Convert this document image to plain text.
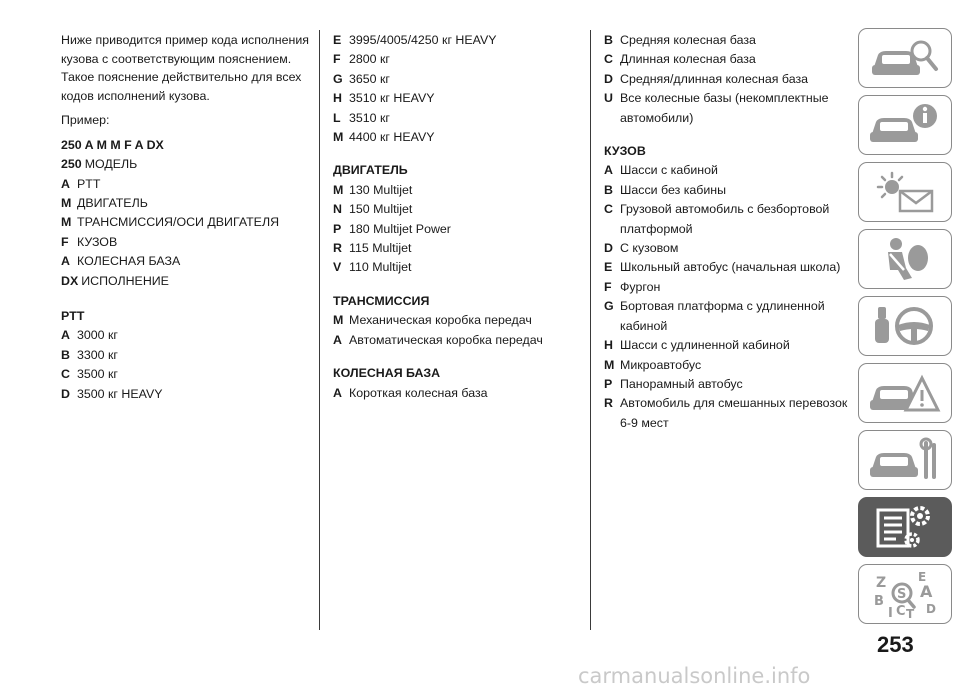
Ниже приводится пример кода исполнения кузова с соответствующим пояснением. Такое пояснение действительно для всех кодов исполнений кузова.

Пример:

250 A M M F A DX

250 МОДЕЛЬ
A PTT
M ДВИГАТЕЛЬ
M ТРАНСМИССИЯ/ОСИ ДВИГАТЕЛЯ
F КУЗОВ
A КОЛЕСНАЯ БАЗА
DX ИСПОЛНЕНИЕ

PTT

A 3000 кг
B 3300 кг
C 3500 кг
D 3500 кг HEAVY
E 3995/4005/4250 кг HEAVY
F 2800 кг
G 3650 кг
H 3510 кг HEAVY
L 3510 кг
M 4400 кг HEAVY

ДВИГАТЕЛЬ

M 130 Multijet
N 150 Multijet
P 180 Multijet Power
R 115 Multijet
V 110 Multijet

ТРАНСМИССИЯ

M Механическая коробка передач
A Автоматическая коробка передач

КОЛЕСНАЯ БАЗА

A Короткая колесная база
B Средняя колесная база
C Длинная колесная база
D Средняя/длинная колесная база
U Все колесные базы (некомплектные автомобили)

КУЗОВ

A Шасси с кабиной
B Шасси без кабины
C Грузовой автомобиль с безбортовой платформой
D С кузовом
E Школьный автобус (начальная школа)
F Фургон
G Бортовая платформа с удлиненной кабиной
H Шасси с удлиненной кабиной
M Микроавтобус
P Панорамный автобус
R Автомобиль для смешанных перевозок 6-9 мест
Z	E
A
B	D
I C T
S
253
carmanualsonline.info
